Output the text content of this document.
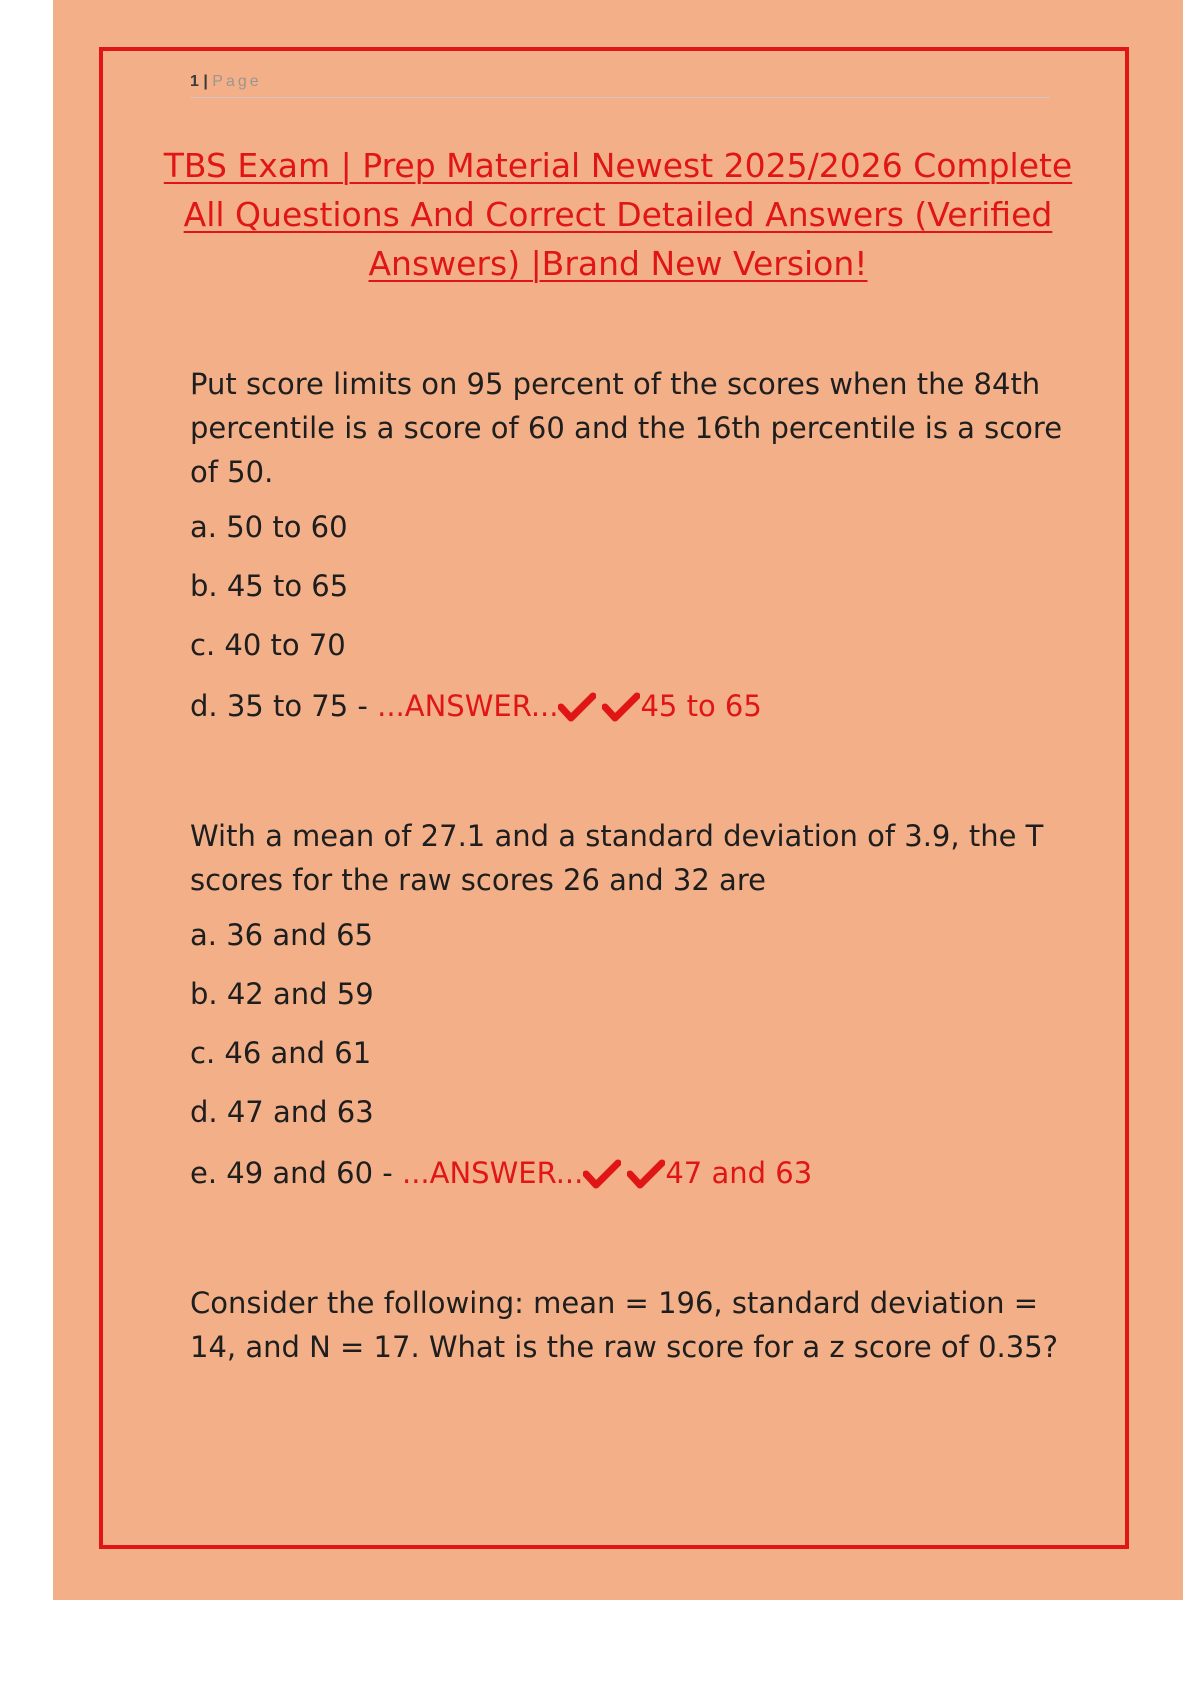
1 | Page
TBS Exam | Prep Material Newest 2025/2026 Complete All Questions And Correct Detailed Answers (Verified Answers) |Brand New Version!

Put score limits on 95 percent of the scores when the 84th percentile is a score of 60 and the 16th percentile is a score of 50.

a. 50 to 60
b. 45 to 65
c. 40 to 70
d. 35 to 75 - ...ANSWER...	45 to 65

With a mean of 27.1 and a standard deviation of 3.9, the T scores for the raw scores 26 and 32 are

a. 36 and 65
b. 42 and 59
c. 46 and 61
d. 47 and 63
e. 49 and 60 - ...ANSWER...	47 and 63

Consider the following: mean = 196, standard deviation = 14, and N = 17. What is the raw score for a z score of 0.35?
